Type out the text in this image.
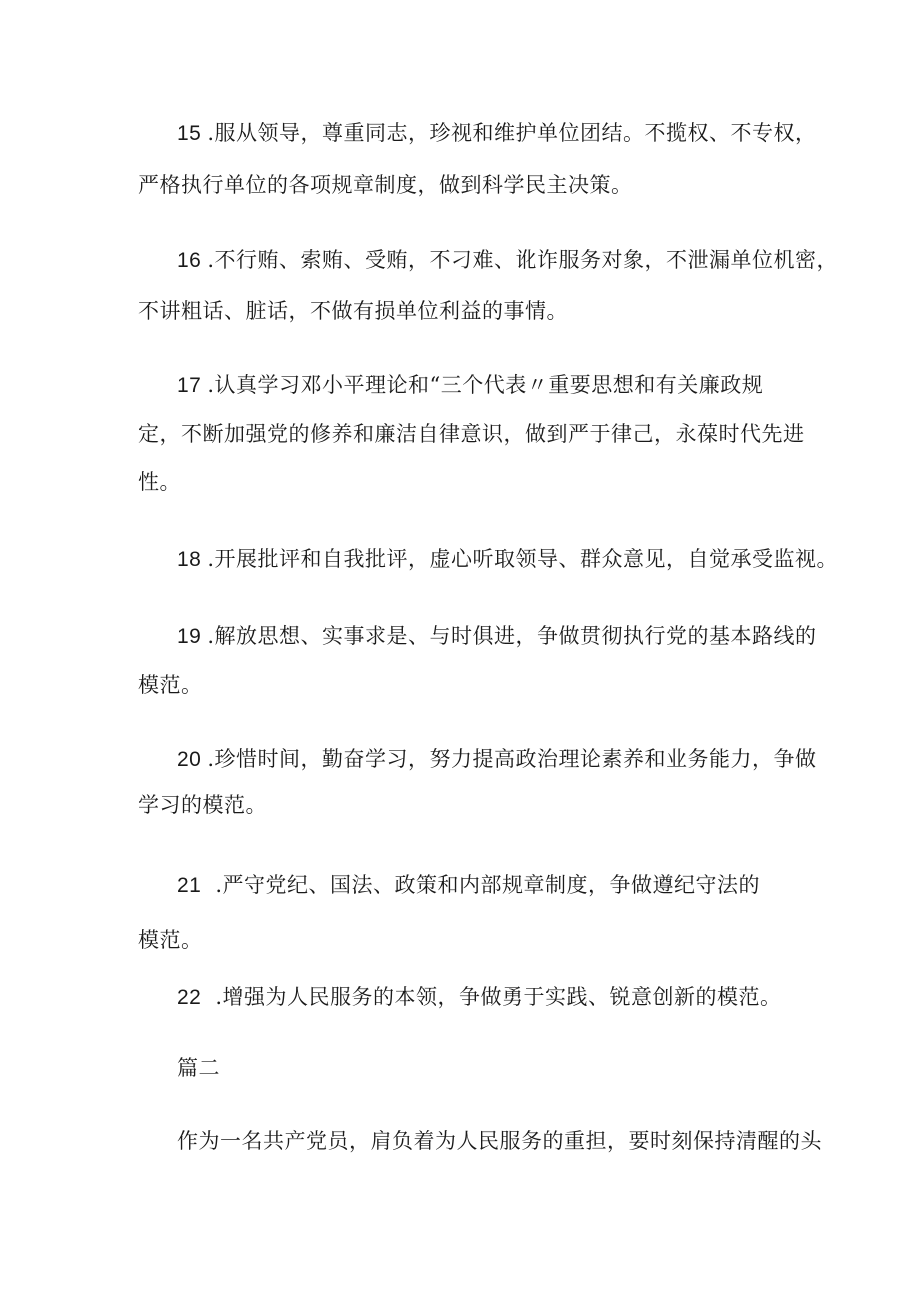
15 .服从领导，尊重同志，珍视和维护单位团结。不揽权、不专权，
严格执行单位的各项规章制度，做到科学民主决策。
16 .不行贿、索贿、受贿，不刁难、讹诈服务对象，不泄漏单位机密，
不讲粗话、脏话，不做有损单位利益的事情。
17 .认真学习邓小平理论和“三个代表〃重要思想和有关廉政规
定，不断加强党的修养和廉洁自律意识，做到严于律己，永葆时代先进
性。
18 .开展批评和自我批评，虚心听取领导、群众意见，自觉承受监视。
19 .解放思想、实事求是、与时俱进，争做贯彻执行党的基本路线的
模范。
20 .珍惜时间，勤奋学习，努力提高政治理论素养和业务能力，争做
学习的模范。
21 .严守党纪、国法、政策和内部规章制度，争做遵纪守法的
模范。
22 .增强为人民服务的本领，争做勇于实践、锐意创新的模范。
篇二
作为一名共产党员，肩负着为人民服务的重担，要时刻保持清醒的头
